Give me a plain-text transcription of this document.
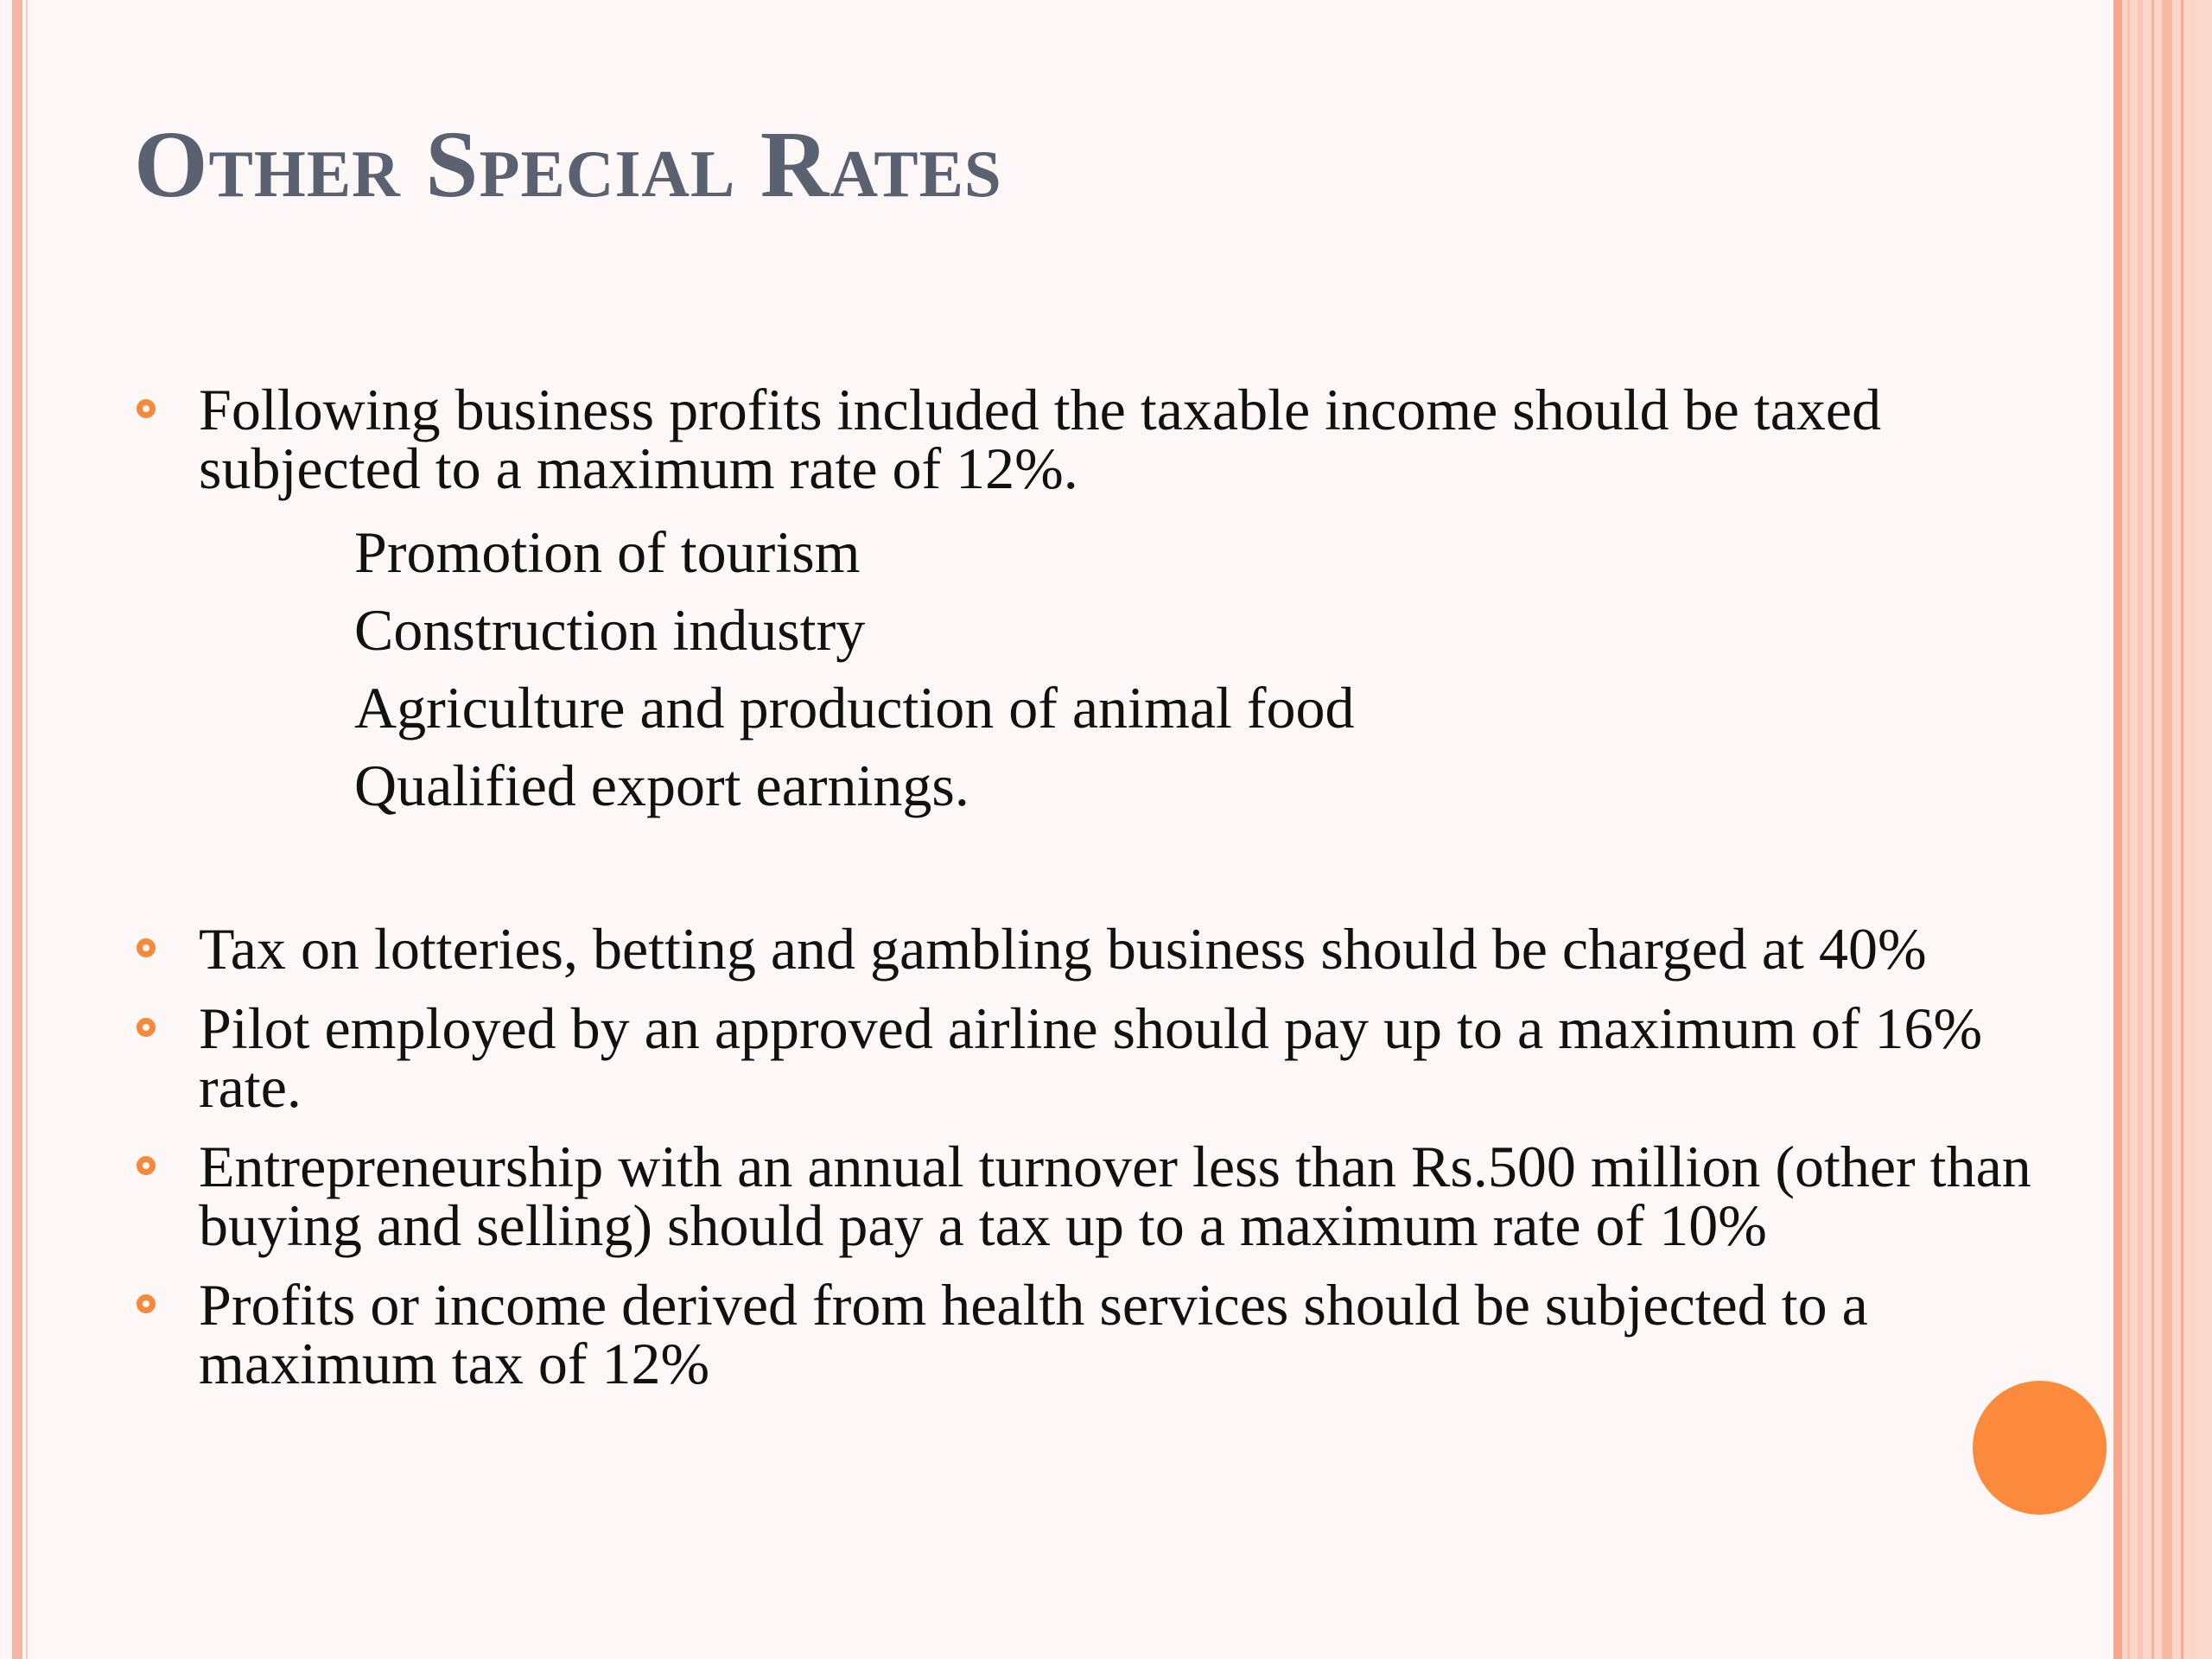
Other Special Rates
Following business profits included the taxable income should be taxed subjected to a maximum rate of 12%.
Promotion of tourism
Construction industry
Agriculture and production of animal food
Qualified export earnings.
Tax on lotteries, betting and gambling business should be charged at 40%
Pilot employed by an approved airline should pay up to a maximum of 16% rate.
Entrepreneurship with an annual turnover less than Rs.500 million (other than buying and selling) should pay a tax up to a maximum rate of 10%
Profits or income derived from health services should be subjected to a maximum tax of 12%
